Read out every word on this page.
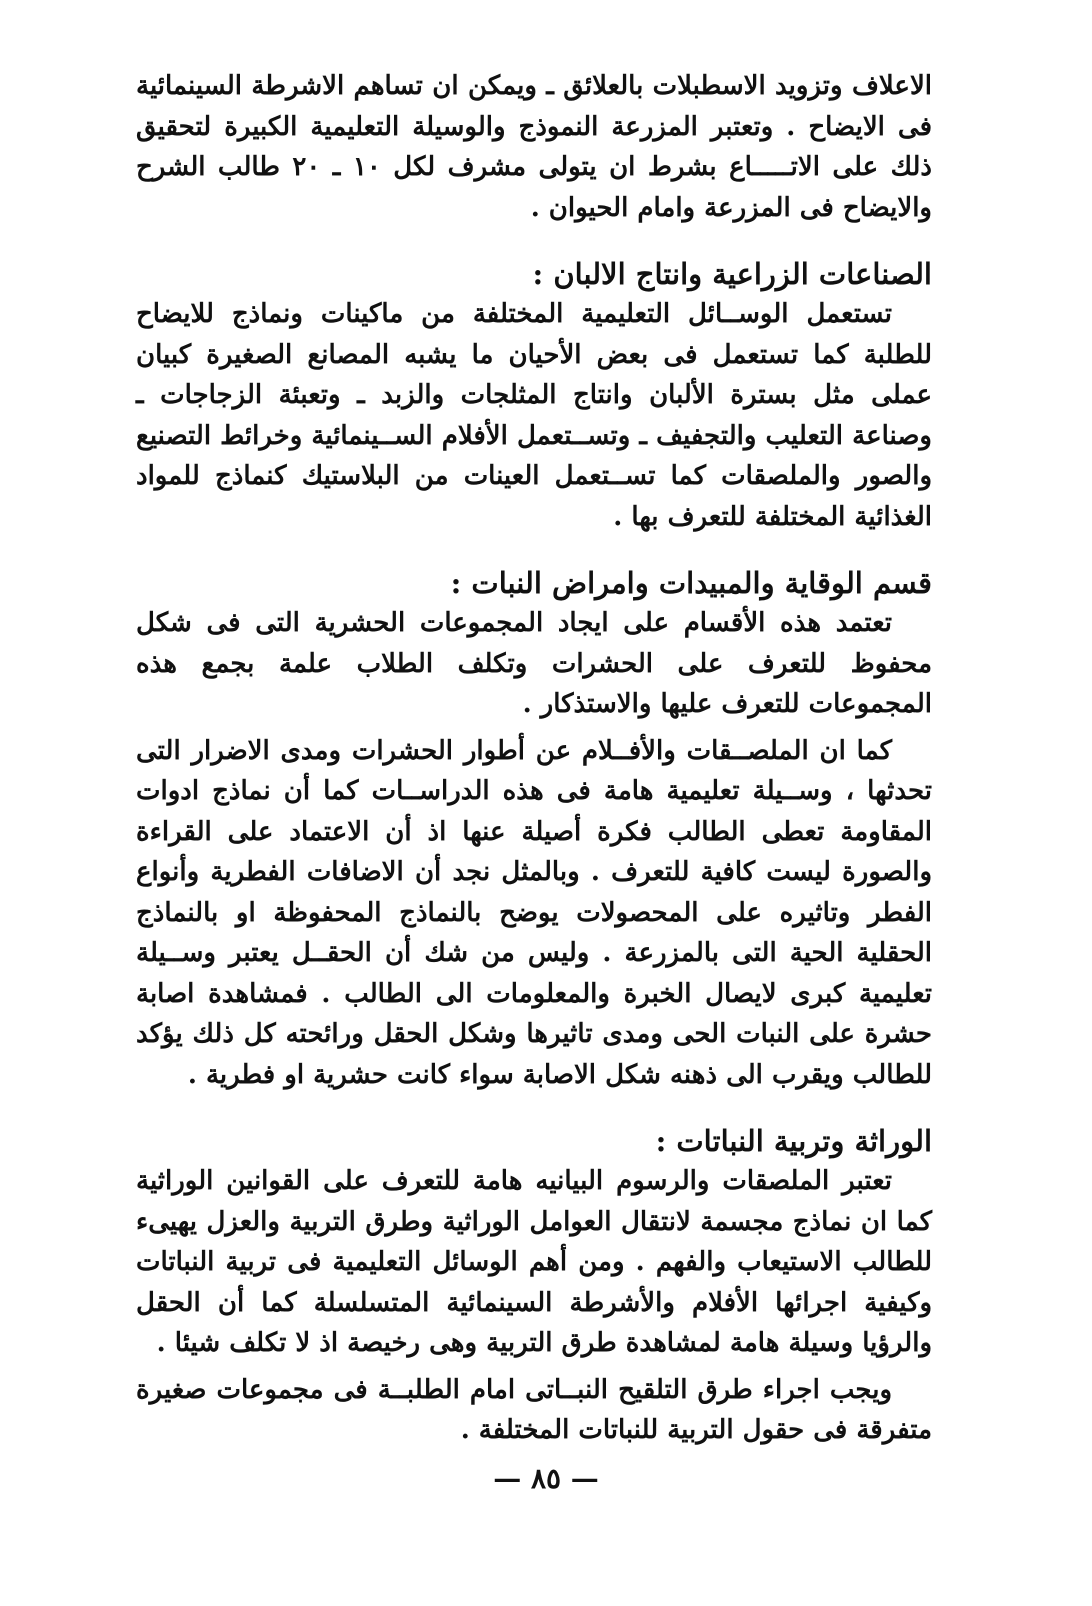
الاعلاف وتزويد الاسطبلات بالعلائق ـ ويمكن ان تساهم الاشرطة السينمائية فى الايضاح . وتعتبر المزرعة النموذج والوسيلة التعليمية الكبيرة لتحقيق ذلك على الاتـــــاع بشرط ان يتولى مشرف لكل ١٠ ـ ٢٠ طالب الشرح والايضاح فى المزرعة وامام الحيوان .

الصناعات الزراعية وانتاج الالبان :

تستعمل الوســائل التعليمية المختلفة من ماكينات ونماذج للايضاح للطلبة كما تستعمل فى بعض الأحيان ما يشبه المصانع الصغيرة كبيان عملى مثل بسترة الألبان وانتاج المثلجات والزبد ـ وتعبئة الزجاجات ـ وصناعة التعليب والتجفيف ـ وتســتعمل الأفلام الســينمائية وخرائط التصنيع والصور والملصقات كما تســتعمل العينات من البلاستيك كنماذج للمواد الغذائية المختلفة للتعرف بها .

قسم الوقاية والمبيدات وامراض النبات :

تعتمد هذه الأقسام على ايجاد المجموعات الحشرية التى فى شكل محفوظ للتعرف على الحشرات وتكلف الطلاب علمة بجمع هذه المجموعات للتعرف عليها والاستذكار .

كما ان الملصــقات والأفــلام عن أطوار الحشرات ومدى الاضرار التى تحدثها ، وســيلة تعليمية هامة فى هذه الدراســات كما أن نماذج ادوات المقاومة تعطى الطالب فكرة أصيلة عنها اذ أن الاعتماد على القراءة والصورة ليست كافية للتعرف . وبالمثل نجد أن الاضافات الفطرية وأنواع الفطر وتاثيره على المحصولات يوضح بالنماذج المحفوظة او بالنماذج الحقلية الحية التى بالمزرعة . وليس من شك أن الحقــل يعتبر وســيلة تعليمية كبرى لايصال الخبرة والمعلومات الى الطالب . فمشاهدة اصابة حشرة على النبات الحى ومدى تاثيرها وشكل الحقل ورائحته كل ذلك يؤكد للطالب ويقرب الى ذهنه شكل الاصابة سواء كانت حشرية او فطرية .

الوراثة وتربية النباتات :

تعتبر الملصقات والرسوم البيانيه هامة للتعرف على القوانين الوراثية كما ان نماذج مجسمة لانتقال العوامل الوراثية وطرق التربية والعزل يهيىء للطالب الاستيعاب والفهم . ومن أهم الوسائل التعليمية فى تربية النباتات وكيفية اجرائها الأفلام والأشرطة السينمائية المتسلسلة كما أن الحقل والرؤيا وسيلة هامة لمشاهدة طرق التربية وهى رخيصة اذ لا تكلف شيئا .

ويجب اجراء طرق التلقيح النبــاتى امام الطلبــة فى مجموعات صغيرة متفرقة فى حقول التربية للنباتات المختلفة .

— ٨٥ —
